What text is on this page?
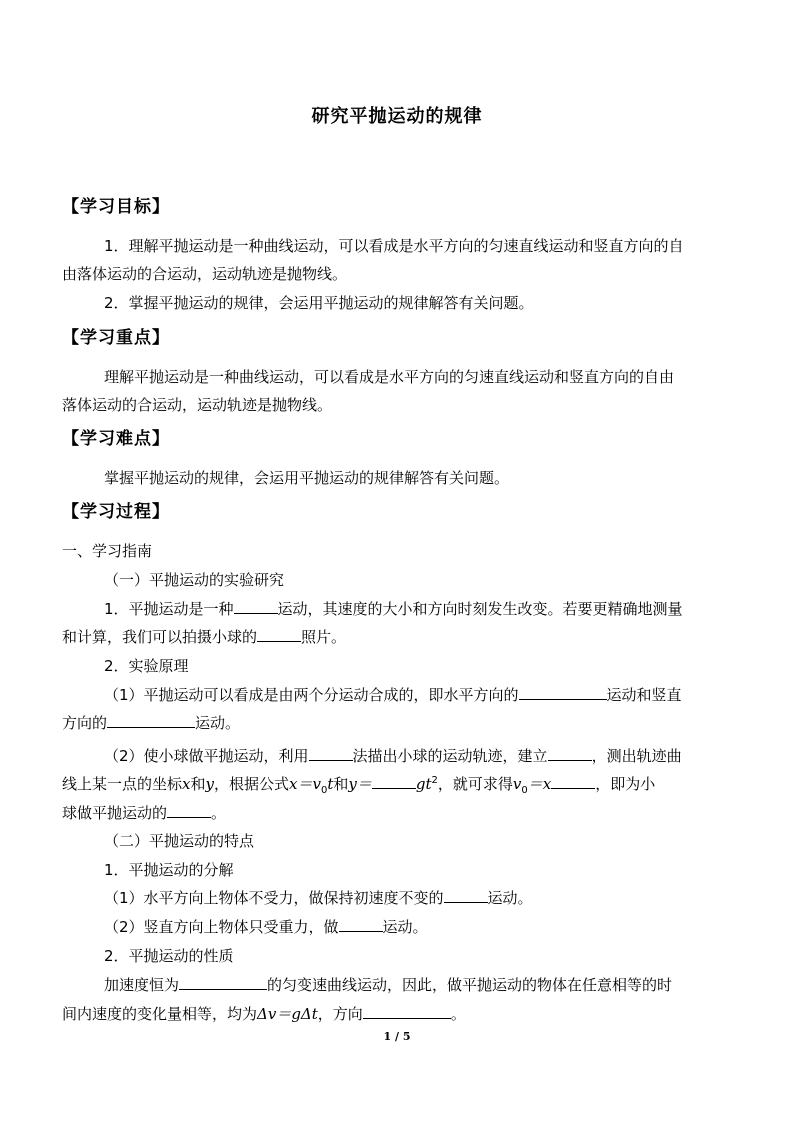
研究平抛运动的规律
【学习目标】
1．理解平抛运动是一种曲线运动，可以看成是水平方向的匀速直线运动和竖直方向的自
由落体运动的合运动，运动轨迹是抛物线。
2．掌握平抛运动的规律，会运用平抛运动的规律解答有关问题。
【学习重点】
理解平抛运动是一种曲线运动，可以看成是水平方向的匀速直线运动和竖直方向的自由
落体运动的合运动，运动轨迹是抛物线。
【学习难点】
掌握平抛运动的规律，会运用平抛运动的规律解答有关问题。
【学习过程】
一、学习指南
（一）平抛运动的实验研究
1．平抛运动是一种	运动，其速度的大小和方向时刻发生改变。若要更精确地测量
和计算，我们可以拍摄小球的	照片。
2．实验原理
（1）平抛运动可以看成是由两个分运动合成的，即水平方向的	运动和竖直
方向的	运动。
（2）使小球做平抛运动，利用	法描出小球的运动轨迹，建立	，测出轨迹曲
线上某一点的坐标x和y，根据公式$x=v_0t$和y＝	$gt^2$，就可求得$v_0=x$	，即为小
球做平抛运动的	。
（二）平抛运动的特点
1．平抛运动的分解
（1）水平方向上物体不受力，做保持初速度不变的	运动。
（2）竖直方向上物体只受重力，做	运动。
2．平抛运动的性质
加速度恒为	的匀变速曲线运动，因此，做平抛运动的物体在任意相等的时
间内速度的变化量相等，均为Δv＝gΔt，方向	。
1 / 5
